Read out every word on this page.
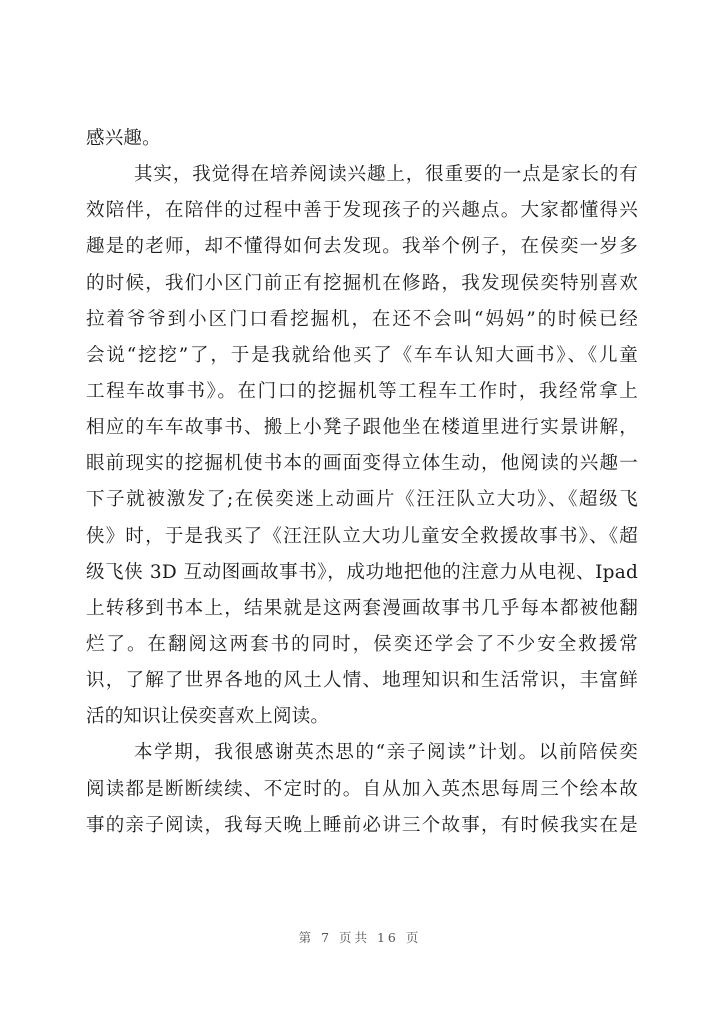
感兴趣。
其实，我觉得在培养阅读兴趣上，很重要的一点是家长的有
效陪伴，在陪伴的过程中善于发现孩子的兴趣点。大家都懂得兴
趣是的老师，却不懂得如何去发现。我举个例子，在侯奕一岁多
的时候，我们小区门前正有挖掘机在修路，我发现侯奕特别喜欢
拉着爷爷到小区门口看挖掘机，在还不会叫“妈妈”的时候已经
会说“挖挖”了，于是我就给他买了《车车认知大画书》、《儿童
工程车故事书》。在门口的挖掘机等工程车工作时，我经常拿上
相应的车车故事书、搬上小凳子跟他坐在楼道里进行实景讲解，
眼前现实的挖掘机使书本的画面变得立体生动，他阅读的兴趣一
下子就被激发了;在侯奕迷上动画片《汪汪队立大功》、《超级飞
侠》时，于是我买了《汪汪队立大功儿童安全救援故事书》、《超
级飞侠 3D 互动图画故事书》，成功地把他的注意力从电视、Ipad
上转移到书本上，结果就是这两套漫画故事书几乎每本都被他翻
烂了。在翻阅这两套书的同时，侯奕还学会了不少安全救援常
识，了解了世界各地的风土人情、地理知识和生活常识，丰富鲜
活的知识让侯奕喜欢上阅读。
本学期，我很感谢英杰思的“亲子阅读”计划。以前陪侯奕
阅读都是断断续续、不定时的。自从加入英杰思每周三个绘本故
事的亲子阅读，我每天晚上睡前必讲三个故事，有时候我实在是
第 7 页共 16 页
